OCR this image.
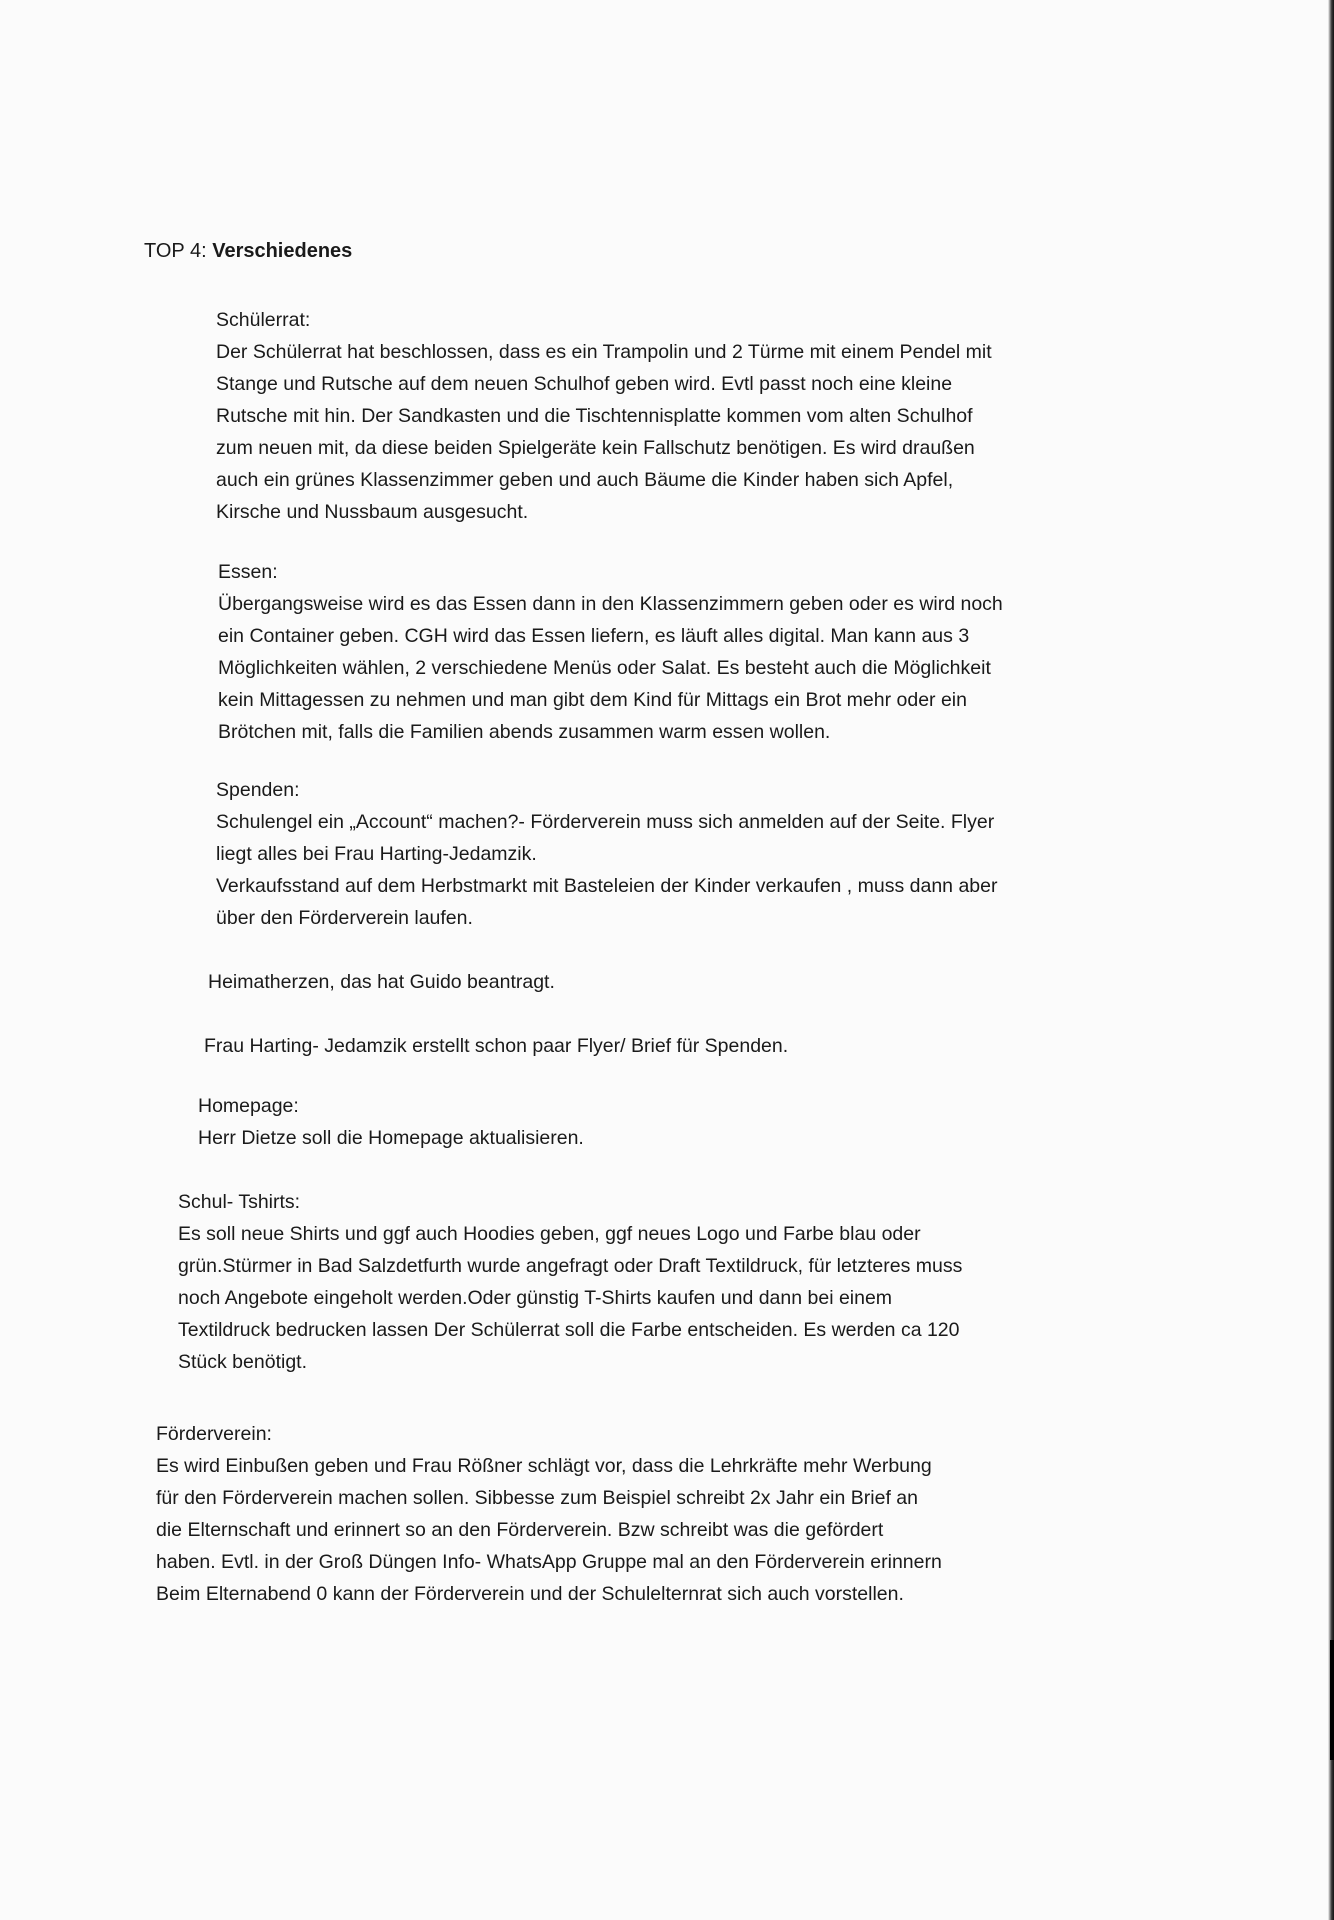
TOP 4: Verschiedenes
Schülerrat:
Der Schülerrat hat beschlossen, dass es ein Trampolin und 2 Türme mit einem Pendel mit
Stange und Rutsche auf dem neuen Schulhof geben wird. Evtl passt noch eine kleine
Rutsche mit hin. Der Sandkasten und die Tischtennisplatte kommen vom alten Schulhof
zum neuen mit, da diese beiden Spielgeräte kein Fallschutz benötigen. Es wird draußen
auch ein grünes Klassenzimmer geben und auch Bäume die Kinder haben sich Apfel,
Kirsche und Nussbaum ausgesucht.
Essen:
Übergangsweise wird es das Essen dann in den Klassenzimmern geben oder es wird noch
ein Container geben. CGH wird das Essen liefern, es läuft alles digital. Man kann aus 3
Möglichkeiten wählen, 2 verschiedene Menüs oder Salat. Es besteht auch die Möglichkeit
kein Mittagessen zu nehmen und man gibt dem Kind für Mittags ein Brot mehr oder ein
Brötchen mit, falls die Familien abends zusammen warm essen wollen.
Spenden:
Schulengel ein „Account“ machen?- Förderverein muss sich anmelden auf der Seite. Flyer
liegt alles bei Frau Harting-Jedamzik.
Verkaufsstand auf dem Herbstmarkt mit Basteleien der Kinder verkaufen , muss dann aber
über den Förderverein laufen.
Heimatherzen, das hat Guido beantragt.
Frau Harting- Jedamzik erstellt schon paar Flyer/ Brief für Spenden.
Homepage:
Herr Dietze soll die Homepage aktualisieren.
Schul- Tshirts:
Es soll neue Shirts und ggf auch Hoodies geben, ggf neues Logo und Farbe blau oder
grün.Stürmer in Bad Salzdetfurth wurde angefragt oder Draft Textildruck, für letzteres muss
noch Angebote eingeholt werden.Oder günstig T-Shirts kaufen und dann bei einem
Textildruck bedrucken lassen Der Schülerrat soll die Farbe entscheiden. Es werden ca 120
Stück benötigt.
Förderverein:
Es wird Einbußen geben und Frau Rößner schlägt vor, dass die Lehrkräfte mehr Werbung
für den Förderverein machen sollen. Sibbesse zum Beispiel schreibt 2x Jahr ein Brief an
die Elternschaft und erinnert so an den Förderverein. Bzw schreibt was die gefördert
haben. Evtl. in der Groß Düngen Info- WhatsApp Gruppe mal an den Förderverein erinnern
Beim Elternabend 0 kann der Förderverein und der Schulelternrat sich auch vorstellen.
